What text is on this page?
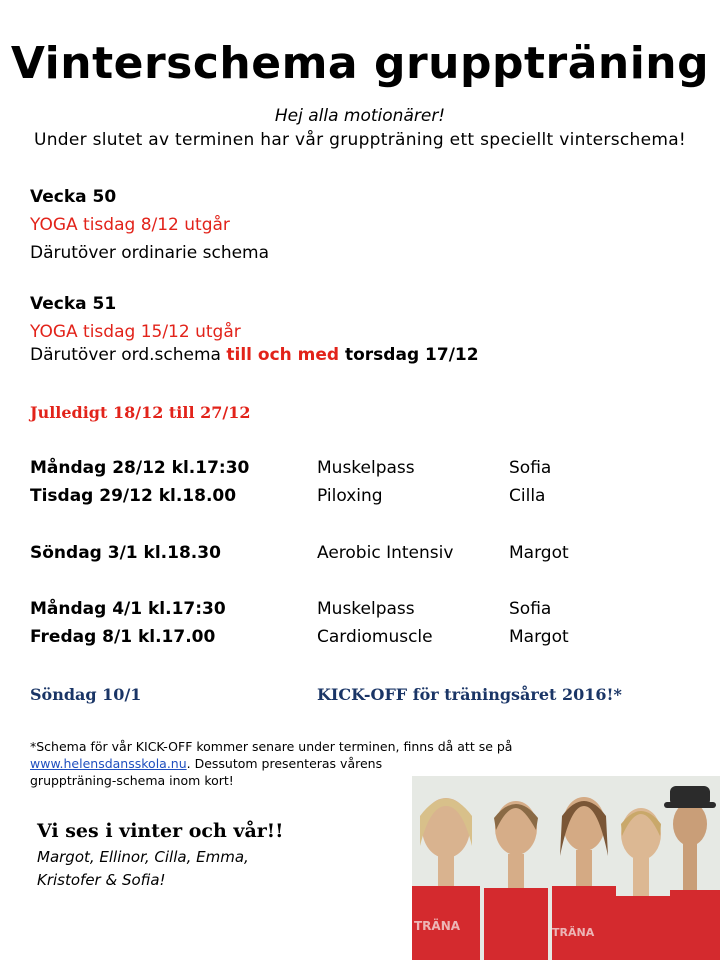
Vinterschema gruppträning
Hej alla motionärer!
Under slutet av terminen har vår gruppträning ett speciellt vinterschema!
Vecka 50
YOGA tisdag 8/12 utgår
Därutöver ordinarie schema
Vecka 51
YOGA tisdag 15/12 utgår
Därutöver ord.schema till och med torsdag 17/12
Julledigt 18/12 till 27/12
Måndag 28/12 kl.17:30	Muskelpass	Sofia
Tisdag 29/12 kl.18.00	Piloxing	Cilla
Söndag 3/1 kl.18.30	Aerobic Intensiv	Margot
Måndag 4/1 kl.17:30	Muskelpass	Sofia
Fredag 8/1 kl.17.00	Cardiomuscle	Margot
Söndag 10/1	KICK-OFF för träningsåret 2016!*
*Schema för vår KICK-OFF kommer senare under terminen, finns då att se på
www.helensdansskola.nu. Dessutom presenteras vårens
gruppträning-schema inom kort!
Vi ses i vinter och vår!!
Margot, Ellinor, Cilla, Emma,
Kristofer & Sofia!
TRÄNA	TRÄNA
